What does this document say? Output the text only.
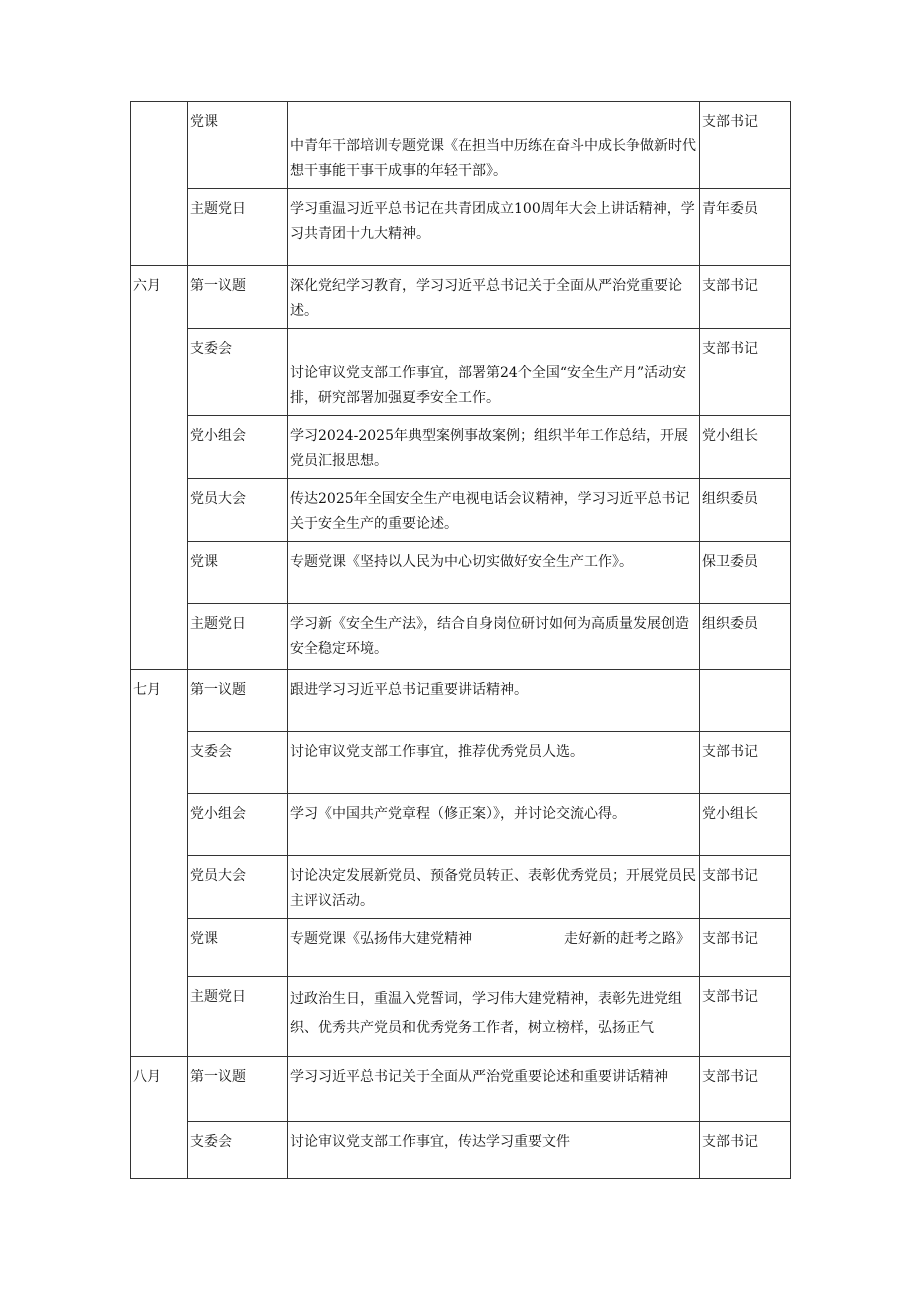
	党课	中青年干部培训专题党课《在担当中历练在奋斗中成长争做新时代想干事能干事干成事的年轻干部》。	支部书记
	主题党日	学习重温习近平总书记在共青团成立100周年大会上讲话精神，学习共青团十九大精神。	青年委员
六月	第一议题	深化党纪学习教育，学习习近平总书记关于全面从严治党重要论述。	支部书记
	支委会	讨论审议党支部工作事宜，部署第24个全国“安全生产月”活动安排，研究部署加强夏季安全工作。	支部书记
	党小组会	学习2024-2025年典型案例事故案例；组织半年工作总结，开展党员汇报思想。	党小组长
	党员大会	传达2025年全国安全生产电视电话会议精神，学习习近平总书记关于安全生产的重要论述。	组织委员
	党课	专题党课《坚持以人民为中心切实做好安全生产工作》。	保卫委员
	主题党日	学习新《安全生产法》，结合自身岗位研讨如何为高质量发展创造安全稳定环境。	组织委员
七月	第一议题	跟进学习习近平总书记重要讲话精神。	
	支委会	讨论审议党支部工作事宜，推荐优秀党员人选。	支部书记
	党小组会	学习《中国共产党章程（修正案）》，并讨论交流心得。	党小组长
	党员大会	讨论决定发展新党员、预备党员转正、表彰优秀党员；开展党员民主评议活动。	支部书记
	党课	专题党课《弘扬伟大建党精神 走好新的赶考之路》	支部书记
	主题党日	过政治生日，重温入党誓词，学习伟大建党精神，表彰先进党组织、优秀共产党员和优秀党务工作者，树立榜样，弘扬正气	支部书记
八月	第一议题	学习习近平总书记关于全面从严治党重要论述和重要讲话精神	支部书记
	支委会	讨论审议党支部工作事宜，传达学习重要文件	支部书记
